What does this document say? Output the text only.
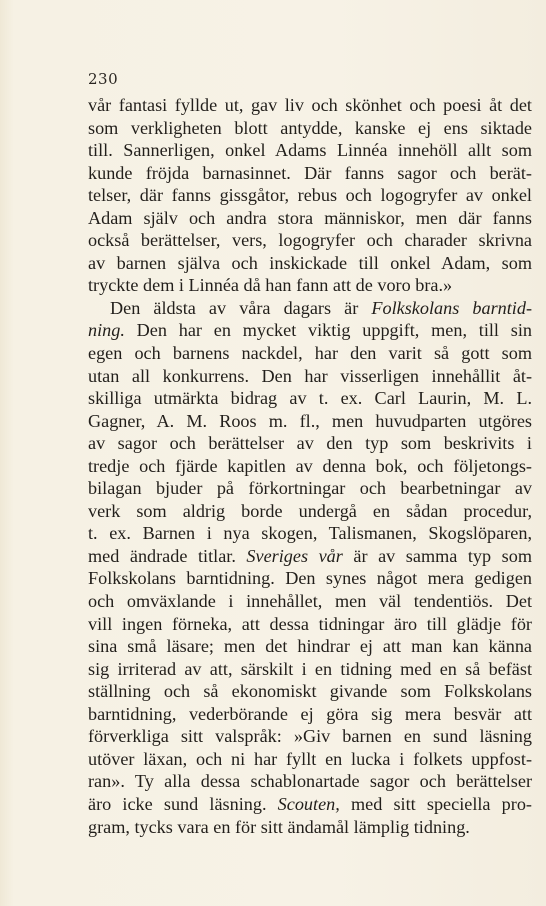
230
vår fantasi fyllde ut, gav liv och skönhet och poesi åt det
som verkligheten blott antydde, kanske ej ens siktade
till. Sannerligen, onkel Adams Linnéa innehöll allt som
kunde fröjda barnasinnet. Där fanns sagor och berät-
telser, där fanns gissgåtor, rebus och logogryfer av onkel
Adam själv och andra stora människor, men där fanns
också berättelser, vers, logogryfer och charader skrivna
av barnen själva och inskickade till onkel Adam, som
tryckte dem i Linnéa då han fann att de voro bra.»
Den äldsta av våra dagars är Folkskolans barntid-
ning. Den har en mycket viktig uppgift, men, till sin
egen och barnens nackdel, har den varit så gott som
utan all konkurrens. Den har visserligen innehållit åt-
skilliga utmärkta bidrag av t. ex. Carl Laurin, M. L.
Gagner, A. M. Roos m. fl., men huvudparten utgöres
av sagor och berättelser av den typ som beskrivits i
tredje och fjärde kapitlen av denna bok, och följetongs-
bilagan bjuder på förkortningar och bearbetningar av
verk som aldrig borde undergå en sådan procedur,
t. ex. Barnen i nya skogen, Talismanen, Skogslöparen,
med ändrade titlar. Sveriges vår är av samma typ som
Folkskolans barntidning. Den synes något mera gedigen
och omväxlande i innehållet, men väl tendentiös. Det
vill ingen förneka, att dessa tidningar äro till glädje för
sina små läsare; men det hindrar ej att man kan känna
sig irriterad av att, särskilt i en tidning med en så befäst
ställning och så ekonomiskt givande som Folkskolans
barntidning, vederbörande ej göra sig mera besvär att
förverkliga sitt valspråk: »Giv barnen en sund läsning
utöver läxan, och ni har fyllt en lucka i folkets uppfost-
ran». Ty alla dessa schablonartade sagor och berättelser
äro icke sund läsning. Scouten, med sitt speciella pro-
gram, tycks vara en för sitt ändamål lämplig tidning.
